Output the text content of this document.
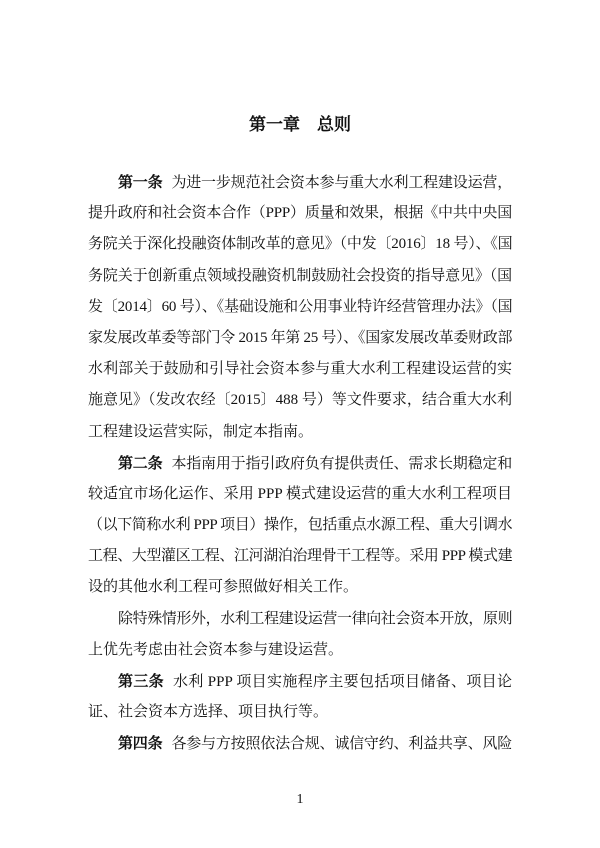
第一章　总则
第一条 为进一步规范社会资本参与重大水利工程建设运营，
提升政府和社会资本合作（PPP）质量和效果，根据《中共中央国
务院关于深化投融资体制改革的意见》（中发〔2016〕18 号）、《国
务院关于创新重点领域投融资机制鼓励社会投资的指导意见》（国
发〔2014〕60 号）、《基础设施和公用事业特许经营管理办法》（国
家发展改革委等部门令 2015 年第 25 号）、《国家发展改革委财政部
水利部关于鼓励和引导社会资本参与重大水利工程建设运营的实
施意见》（发改农经〔2015〕488 号）等文件要求，结合重大水利
工程建设运营实际，制定本指南。
第二条 本指南用于指引政府负有提供责任、需求长期稳定和
较适宜市场化运作、采用 PPP 模式建设运营的重大水利工程项目
（以下简称水利 PPP 项目）操作，包括重点水源工程、重大引调水
工程、大型灌区工程、江河湖泊治理骨干工程等。采用 PPP 模式建
设的其他水利工程可参照做好相关工作。
除特殊情形外，水利工程建设运营一律向社会资本开放，原则
上优先考虑由社会资本参与建设运营。
第三条 水利 PPP 项目实施程序主要包括项目储备、项目论
证、社会资本方选择、项目执行等。
第四条 各参与方按照依法合规、诚信守约、利益共享、风险
1
